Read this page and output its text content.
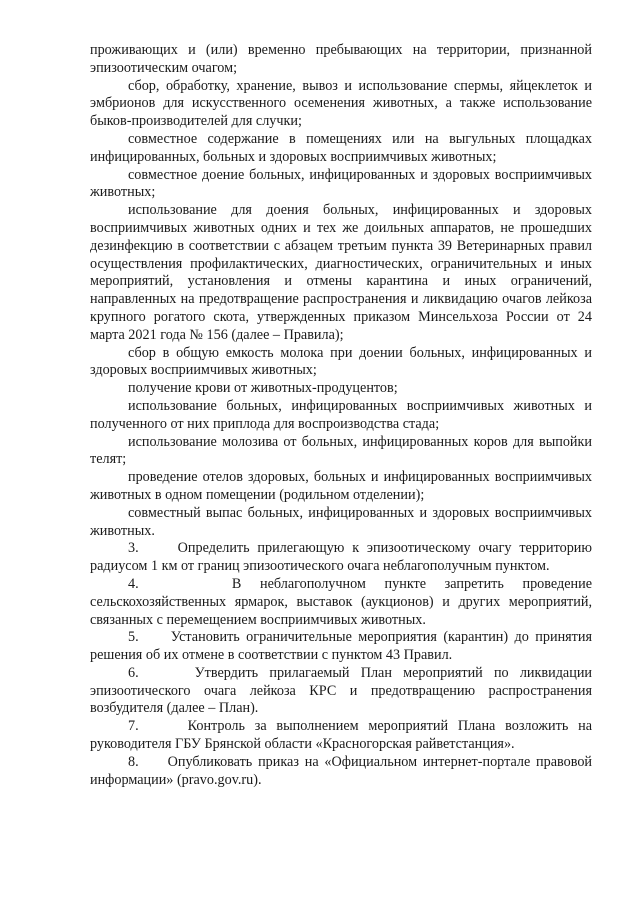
проживающих и (или) временно пребывающих на территории, признанной эпизоотическим очагом;

сбор, обработку, хранение, вывоз и использование спермы, яйцеклеток и эмбрионов для искусственного осеменения животных, а также использование быков-производителей для случки;

совместное содержание в помещениях или на выгульных площадках инфицированных, больных и здоровых восприимчивых животных;

совместное доение больных, инфицированных и здоровых восприимчивых животных;

использование для доения больных, инфицированных и здоровых восприимчивых животных одних и тех же доильных аппаратов, не прошедших дезинфекцию в соответствии с абзацем третьим пункта 39 Ветеринарных правил осуществления профилактических, диагностических, ограничительных и иных мероприятий, установления и отмены карантина и иных ограничений, направленных на предотвращение распространения и ликвидацию очагов лейкоза крупного рогатого скота, утвержденных приказом Минсельхоза России от 24 марта 2021 года № 156 (далее – Правила);

сбор в общую емкость молока при доении больных, инфицированных и здоровых восприимчивых животных;

получение крови от животных-продуцентов;

использование больных, инфицированных восприимчивых животных и полученного от них приплода для воспроизводства стада;

использование молозива от больных, инфицированных коров для выпойки телят;

проведение отелов здоровых, больных и инфицированных восприимчивых животных в одном помещении (родильном отделении);

совместный выпас больных, инфицированных и здоровых восприимчивых животных.

3.     Определить прилегающую к эпизоотическому очагу территорию радиусом 1 км от границ эпизоотического очага неблагополучным пунктом.

4.     В неблагополучном пункте запретить проведение сельскохозяйственных ярмарок, выставок (аукционов) и других мероприятий, связанных с перемещением восприимчивых животных.

5.     Установить ограничительные мероприятия (карантин) до принятия решения об их отмене в соответствии с пунктом 43 Правил.

6.     Утвердить прилагаемый План мероприятий по ликвидации эпизоотического очага лейкоза КРС и предотвращению распространения возбудителя (далее – План).

7.     Контроль за выполнением мероприятий Плана возложить на руководителя ГБУ Брянской области «Красногорская райветстанция».

8.     Опубликовать приказ на «Официальном интернет-портале правовой информации» (pravo.gov.ru).
